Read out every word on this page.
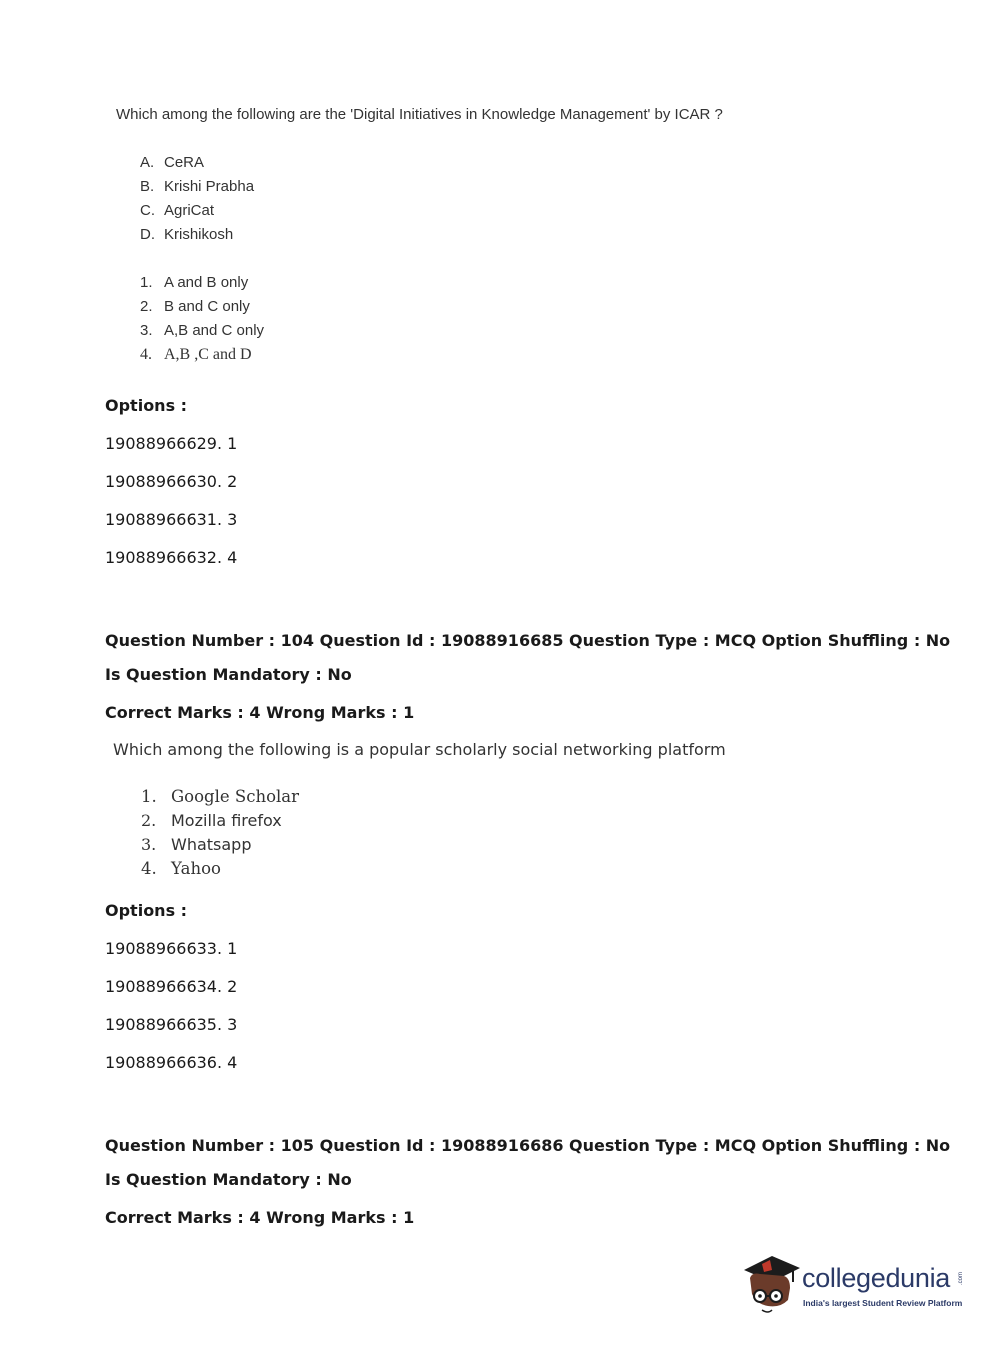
Which among the following are the 'Digital Initiatives in Knowledge Management' by ICAR ?
A. CeRA
B. Krishi Prabha
C. AgriCat
D. Krishikosh
1. A and B only
2. B and C only
3. A,B and C only
4. A,B ,C and D
Options :
19088966629. 1
19088966630. 2
19088966631. 3
19088966632. 4
Question Number : 104 Question Id : 19088916685 Question Type : MCQ Option Shuffling : No
Is Question Mandatory : No
Correct Marks : 4 Wrong Marks : 1
Which among the following is a popular scholarly social networking platform
1. Google Scholar
2. Mozilla firefox
3. Whatsapp
4. Yahoo
Options :
19088966633. 1
19088966634. 2
19088966635. 3
19088966636. 4
Question Number : 105 Question Id : 19088916686 Question Type : MCQ Option Shuffling : No
Is Question Mandatory : No
Correct Marks : 4 Wrong Marks : 1
collegedunia .com
India's largest Student Review Platform
